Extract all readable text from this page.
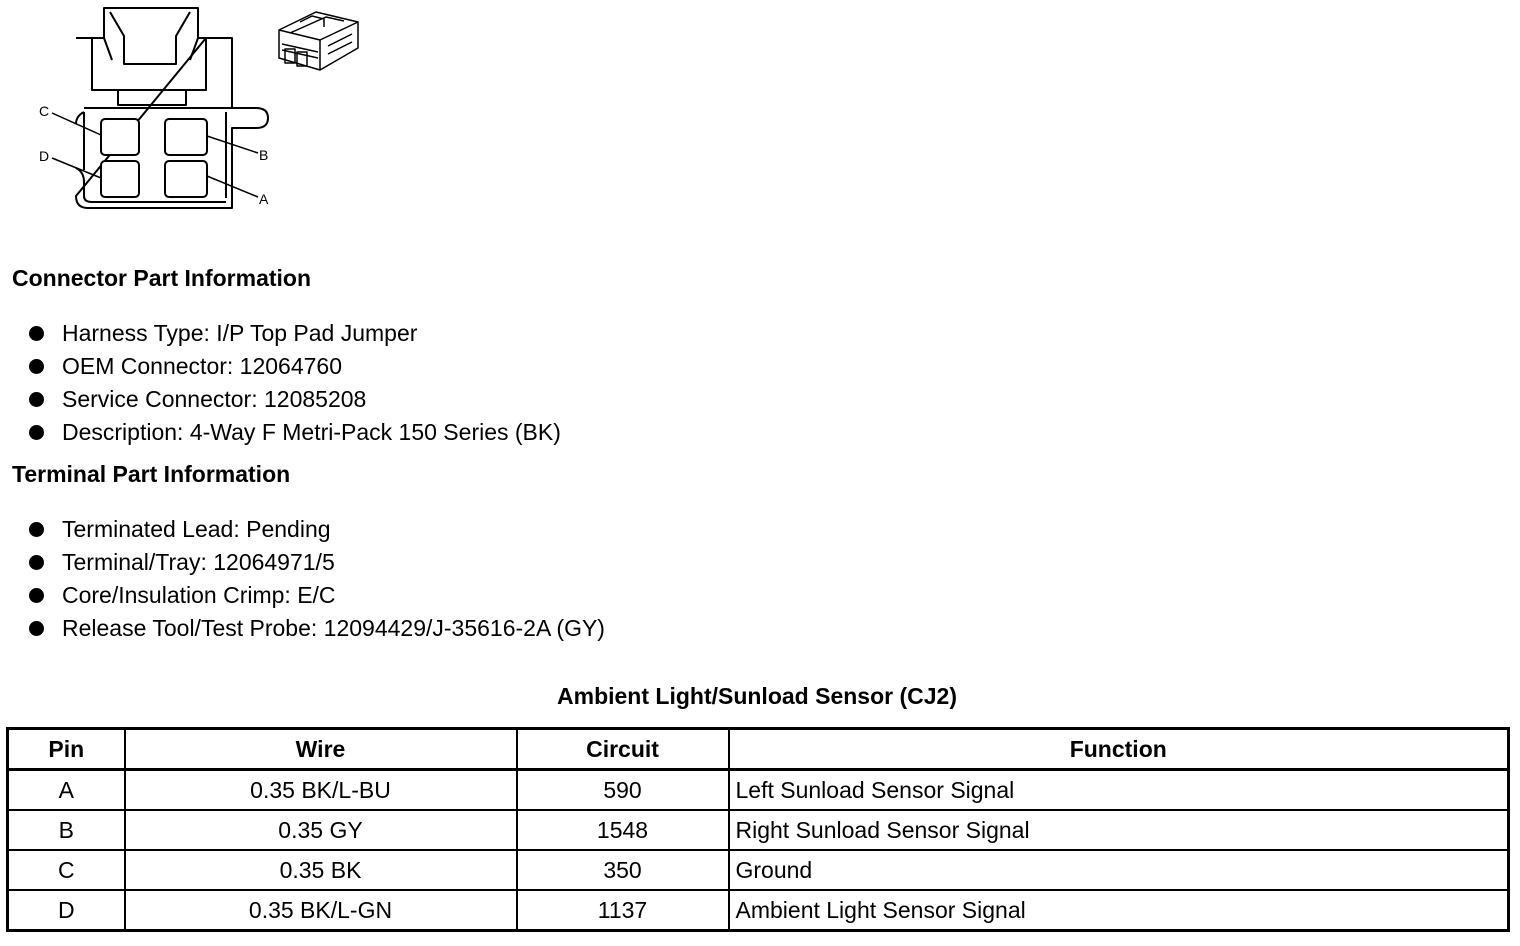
C
D	B
A
Connector Part Information
Harness Type: I/P Top Pad Jumper
OEM Connector: 12064760
Service Connector: 12085208
Description: 4-Way F Metri-Pack 150 Series (BK)
Terminal Part Information
Terminated Lead: Pending
Terminal/Tray: 12064971/5
Core/Insulation Crimp: E/C
Release Tool/Test Probe: 12094429/J-35616-2A (GY)
Ambient Light/Sunload Sensor (CJ2)
Pin	Wire	Circuit	Function
A	0.35 BK/L-BU	590	Left Sunload Sensor Signal
B	0.35 GY	1548	Right Sunload Sensor Signal
C	0.35 BK	350	Ground
D	0.35 BK/L-GN	1137	Ambient Light Sensor Signal
